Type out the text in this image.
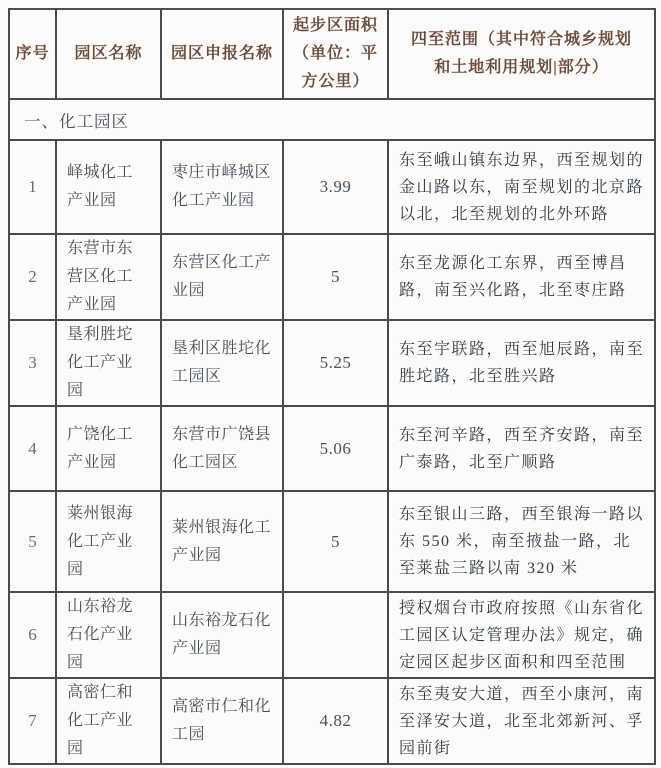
序号	园区名称	园区申报名称	起步区面积（单位：平方公里）	四至范围（其中符合城乡规划和土地利用规划|部分）
一、化工园区				
1	峄城化工产业园	枣庄市峄城区化工产业园	3.99	东至峨山镇东边界，西至规划的金山路以东，南至规划的北京路以北，北至规划的北外环路
2	东营市东营区化工产业园	东营区化工产业园	5	东至龙源化工东界，西至博昌路，南至兴化路，北至枣庄路
3	垦利胜坨化工产业园	垦利区胜坨化工园区	5.25	东至宇联路，西至旭辰路，南至胜坨路，北至胜兴路
4	广饶化工产业园	东营市广饶县化工园区	5.06	东至河辛路，西至齐安路，南至广泰路，北至广顺路
5	莱州银海化工产业园	莱州银海化工产业园	5	东至银山三路，西至银海一路以东 550 米，南至掖盐一路，北至莱盐三路以南 320 米
6	山东裕龙石化产业园	山东裕龙石化产业园		授权烟台市政府按照《山东省化工园区认定管理办法》规定，确定园区起步区面积和四至范围
7	高密仁和化工产业园	高密市仁和化工园	4.82	东至夷安大道，西至小康河，南至泽安大道，北至北郊新河、孚园前街
